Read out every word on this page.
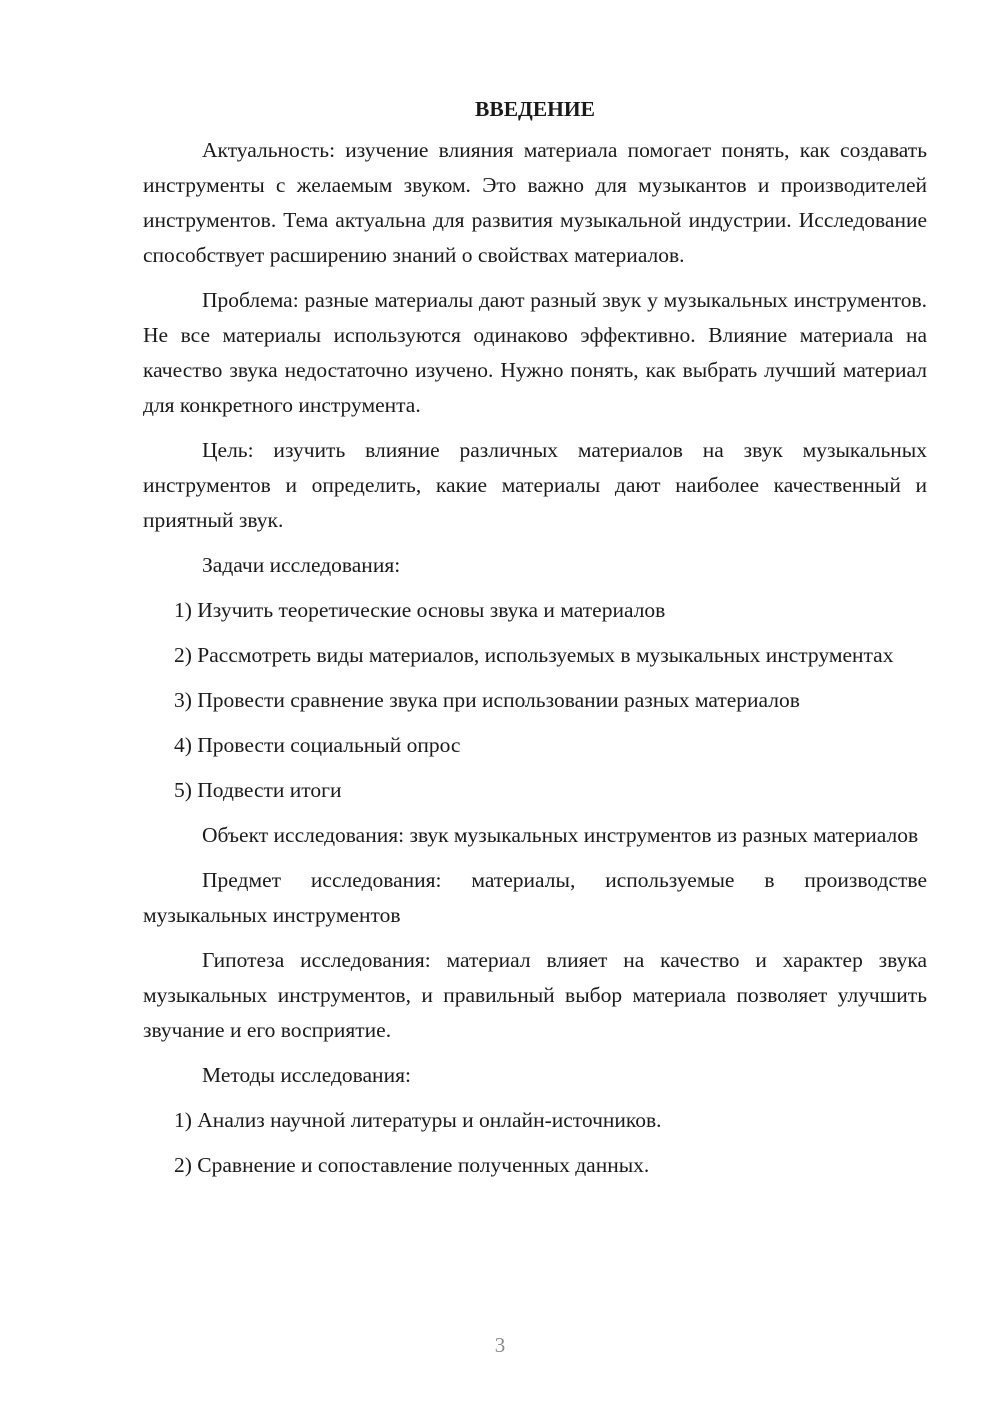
ВВЕДЕНИЕ

Актуальность: изучение влияния материала помогает понять, как создавать инструменты с желаемым звуком. Это важно для музыкантов и производителей инструментов. Тема актуальна для развития музыкальной индустрии. Исследование способствует расширению знаний о свойствах материалов.

Проблема: разные материалы дают разный звук у музыкальных инструментов. Не все материалы используются одинаково эффективно. Влияние материала на качество звука недостаточно изучено. Нужно понять, как выбрать лучший материал для конкретного инструмента.

Цель: изучить влияние различных материалов на звук музыкальных инструментов и определить, какие материалы дают наиболее качественный и приятный звук.

Задачи исследования:

1) Изучить теоретические основы звука и материалов

2) Рассмотреть виды материалов, используемых в музыкальных инструментах

3) Провести сравнение звука при использовании разных материалов

4) Провести социальный опрос

5) Подвести итоги

Объект исследования: звук музыкальных инструментов из разных материалов

Предмет исследования: материалы, используемые в производстве музыкальных инструментов

Гипотеза исследования: материал влияет на качество и характер звука музыкальных инструментов, и правильный выбор материала позволяет улучшить звучание и его восприятие.

Методы исследования:

1) Анализ научной литературы и онлайн-источников.

2) Сравнение и сопоставление полученных данных.

3
